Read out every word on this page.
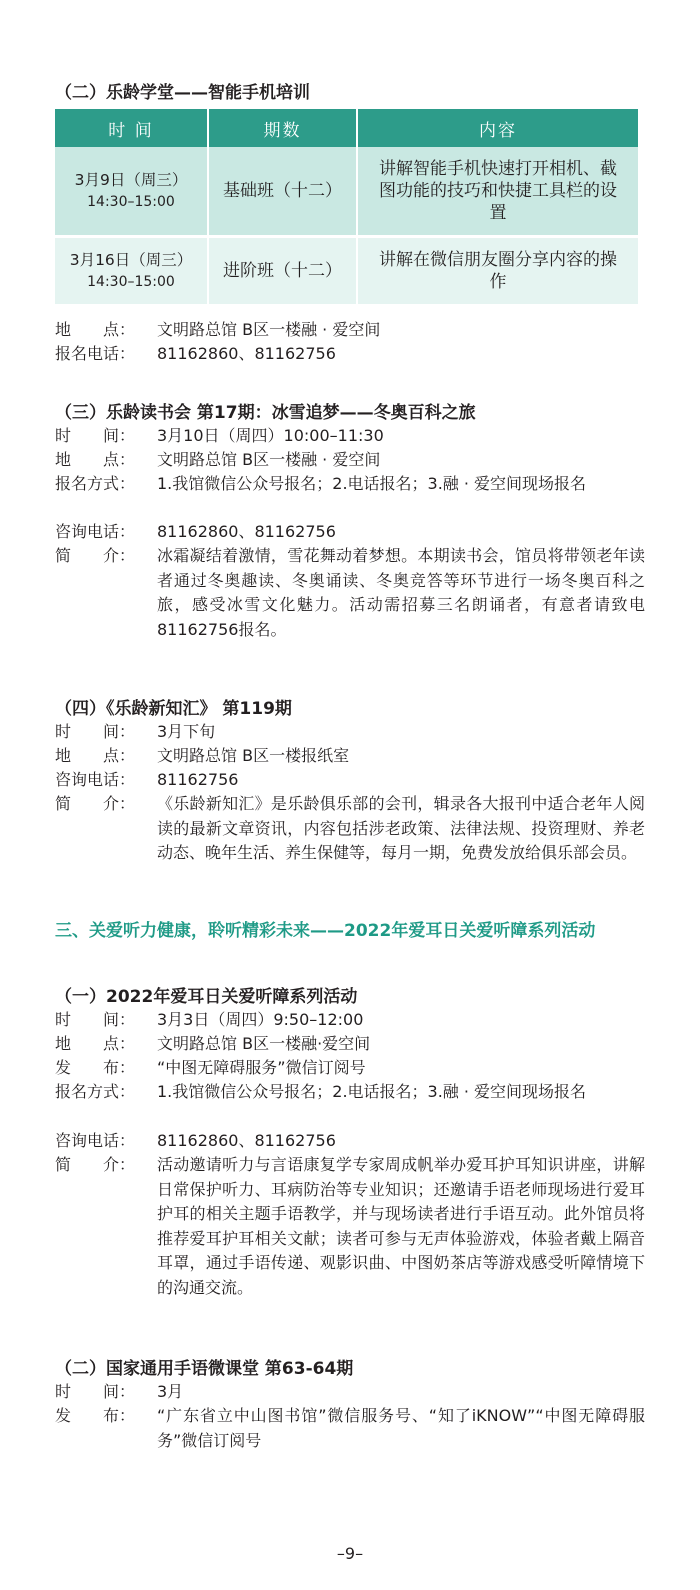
（二）乐龄学堂——智能手机培训
时 间	期数	内容

3月9日（周三）
14:30–15:00	基础班（十二）	讲解智能手机快速打开相机、截图功能的技巧和快捷工具栏的设置

3月16日（周三）
14:30–15:00	进阶班（十二）	讲解在微信朋友圈分享内容的操作
地　　点：	文明路总馆 B区一楼融 · 爱空间
报名电话：	81162860、81162756
（三）乐龄读书会 第17期：冰雪追梦——冬奥百科之旅
时　　间：	3月10日（周四）10:00–11:30
地　　点：	文明路总馆 B区一楼融 · 爱空间
报名方式：	1.我馆微信公众号报名；2.电话报名；3.融 · 爱空间现场报名
咨询电话：	81162860、81162756
简　　介：	冰霜凝结着激情，雪花舞动着梦想。本期读书会，馆员将带领老年读者通过冬奥趣读、冬奥诵读、冬奥竞答等环节进行一场冬奥百科之旅，感受冰雪文化魅力。活动需招募三名朗诵者，有意者请致电81162756报名。
（四）《乐龄新知汇》 第119期
时　　间：	3月下旬
地　　点：	文明路总馆 B区一楼报纸室
咨询电话：	81162756
简　　介：	《乐龄新知汇》是乐龄俱乐部的会刊，辑录各大报刊中适合老年人阅读的最新文章资讯，内容包括涉老政策、法律法规、投资理财、养老动态、晚年生活、养生保健等，每月一期，免费发放给俱乐部会员。
三、关爱听力健康，聆听精彩未来——2022年爱耳日关爱听障系列活动
（一）2022年爱耳日关爱听障系列活动
时　　间：	3月3日（周四）9:50–12:00
地　　点：	文明路总馆 B区一楼融·爱空间
发　　布：	“中图无障碍服务”微信订阅号
报名方式：	1.我馆微信公众号报名；2.电话报名；3.融 · 爱空间现场报名
咨询电话：	81162860、81162756
简　　介：	活动邀请听力与言语康复学专家周成帆举办爱耳护耳知识讲座，讲解日常保护听力、耳病防治等专业知识；还邀请手语老师现场进行爱耳护耳的相关主题手语教学，并与现场读者进行手语互动。此外馆员将推荐爱耳护耳相关文献；读者可参与无声体验游戏，体验者戴上隔音耳罩，通过手语传递、观影识曲、中图奶茶店等游戏感受听障情境下的沟通交流。
（二）国家通用手语微课堂 第63-64期
时　　间：	3月
发　　布：	“广东省立中山图书馆”微信服务号、“知了iKNOW”“中图无障碍服务”微信订阅号
–9–
